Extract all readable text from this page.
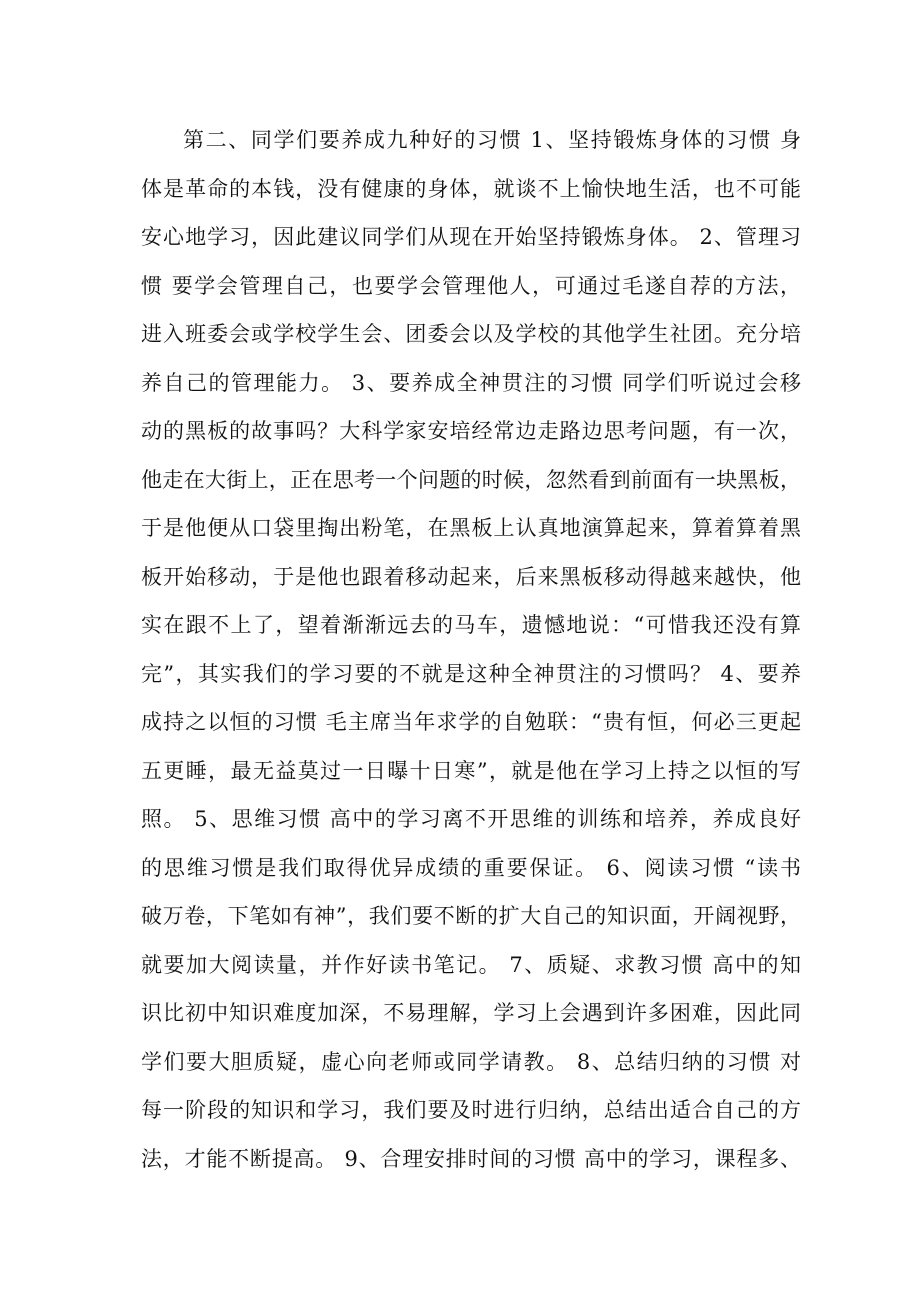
第二、同学们要养成九种好的习惯 1、坚持锻炼身体的习惯 身
体是革命的本钱，没有健康的身体，就谈不上愉快地生活，也不可能
安心地学习，因此建议同学们从现在开始坚持锻炼身体。 2、管理习
惯 要学会管理自己，也要学会管理他人，可通过毛遂自荐的方法，
进入班委会或学校学生会、团委会以及学校的其他学生社团。充分培
养自己的管理能力。 3、要养成全神贯注的习惯 同学们听说过会移
动的黑板的故事吗？大科学家安培经常边走路边思考问题，有一次，
他走在大街上，正在思考一个问题的时候，忽然看到前面有一块黑板，
于是他便从口袋里掏出粉笔，在黑板上认真地演算起来，算着算着黑
板开始移动，于是他也跟着移动起来，后来黑板移动得越来越快，他
实在跟不上了，望着渐渐远去的马车，遗憾地说：“可惜我还没有算
完”，其实我们的学习要的不就是这种全神贯注的习惯吗？ 4、要养
成持之以恒的习惯 毛主席当年求学的自勉联：“贵有恒，何必三更起
五更睡，最无益莫过一日曝十日寒”，就是他在学习上持之以恒的写
照。 5、思维习惯 高中的学习离不开思维的训练和培养，养成良好
的思维习惯是我们取得优异成绩的重要保证。 6、阅读习惯 “读书
破万卷，下笔如有神”，我们要不断的扩大自己的知识面，开阔视野，
就要加大阅读量，并作好读书笔记。 7、质疑、求教习惯 高中的知
识比初中知识难度加深，不易理解，学习上会遇到许多困难，因此同
学们要大胆质疑，虚心向老师或同学请教。 8、总结归纳的习惯 对
每一阶段的知识和学习，我们要及时进行归纳，总结出适合自己的方
法，才能不断提高。 9、合理安排时间的习惯 高中的学习，课程多、
